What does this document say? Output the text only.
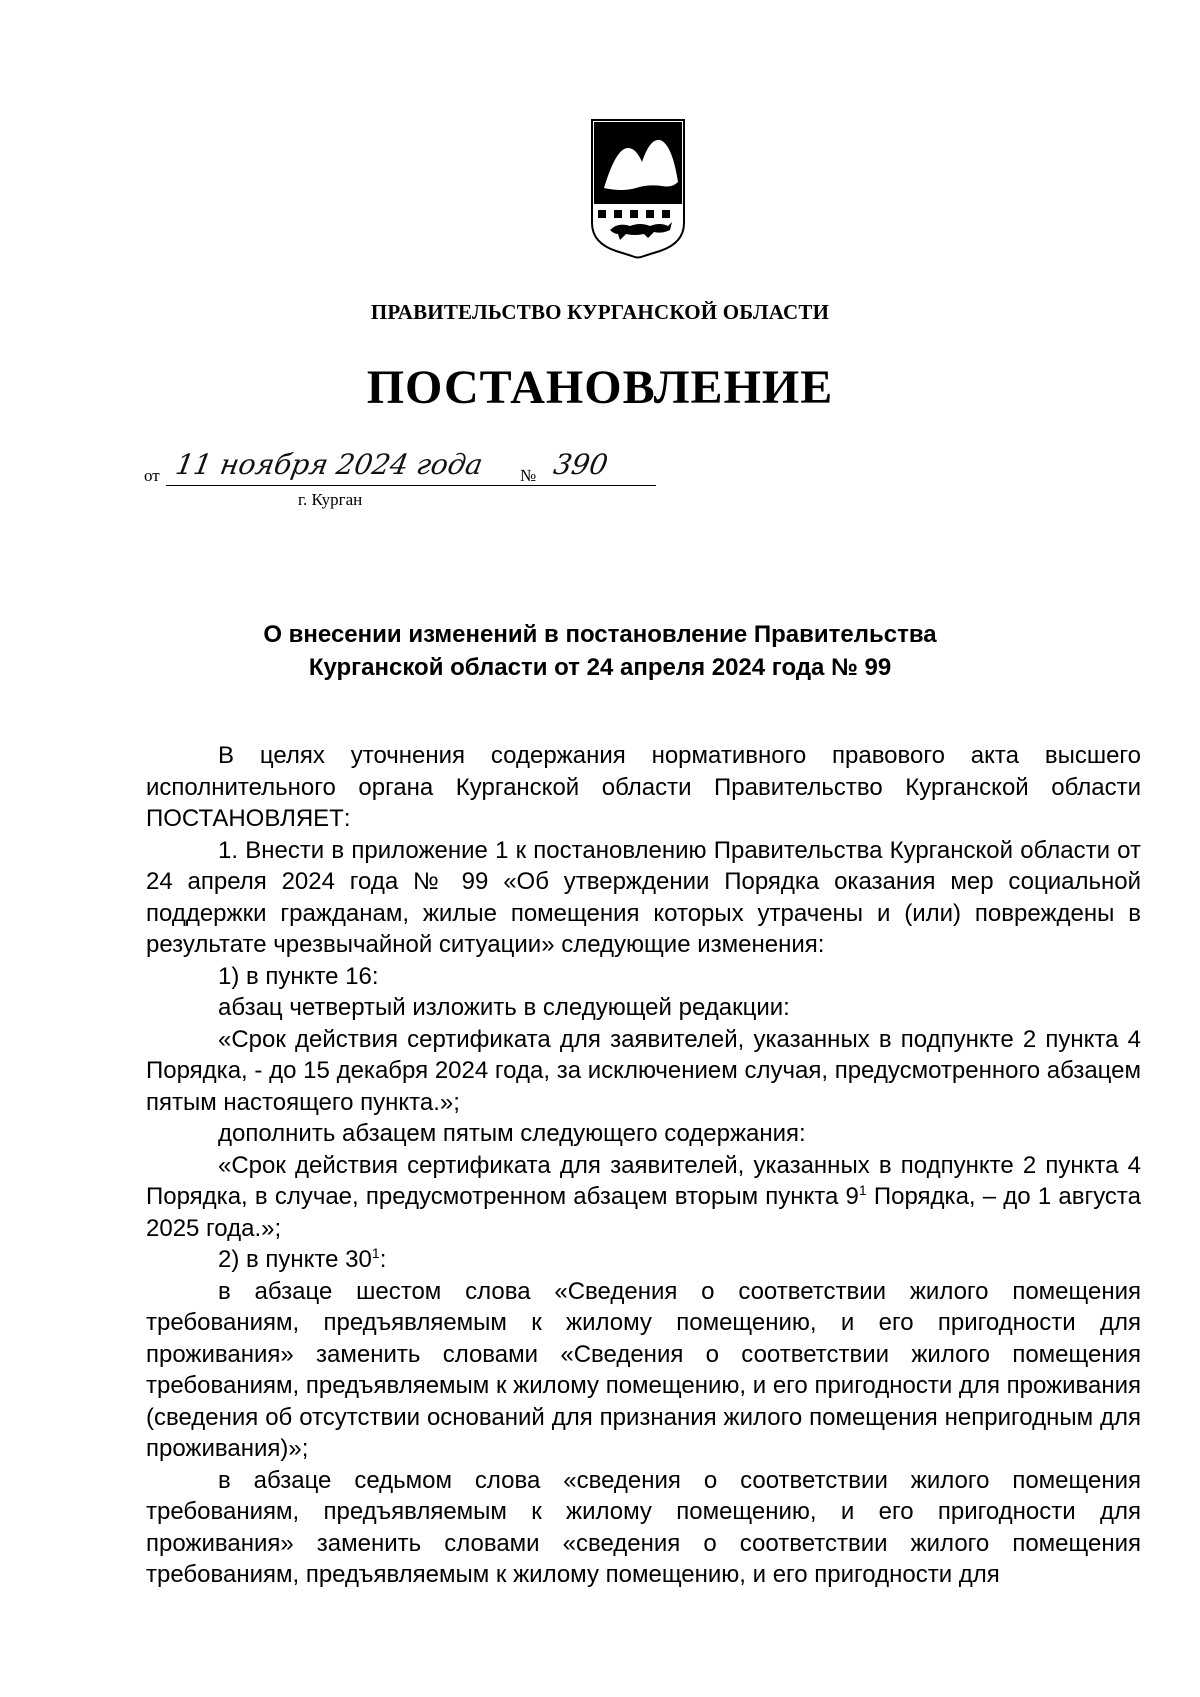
ПРАВИТЕЛЬСТВО КУРГАНСКОЙ ОБЛАСТИ
ПОСТАНОВЛЕНИЕ
от 11 ноября 2024 года № 390
г. Курган
О внесении изменений в постановление Правительства
Курганской области от 24 апреля 2024 года № 99

В целях уточнения содержания нормативного правового акта высшего исполнительного органа Курганской области Правительство Курганской области ПОСТАНОВЛЯЕТ:

1. Внести в приложение 1 к постановлению Правительства Курганской области от 24 апреля 2024 года № 99 «Об утверждении Порядка оказания мер социальной поддержки гражданам, жилые помещения которых утрачены и (или) повреждены в результате чрезвычайной ситуации» следующие изменения:

1) в пункте 16:

абзац четвертый изложить в следующей редакции:

«Срок действия сертификата для заявителей, указанных в подпункте 2 пункта 4 Порядка, - до 15 декабря 2024 года, за исключением случая, предусмотренного абзацем пятым настоящего пункта.»;

дополнить абзацем пятым следующего содержания:

«Срок действия сертификата для заявителей, указанных в подпункте 2 пункта 4 Порядка, в случае, предусмотренном абзацем вторым пункта $9^1$ Порядка, – до 1 августа 2025 года.»;

2) в пункте $30^1$:

в абзаце шестом слова «Сведения о соответствии жилого помещения требованиям, предъявляемым к жилому помещению, и его пригодности для проживания» заменить словами «Сведения о соответствии жилого помещения требованиям, предъявляемым к жилому помещению, и его пригодности для проживания (сведения об отсутствии оснований для признания жилого помещения непригодным для проживания)»;

в абзаце седьмом слова «сведения о соответствии жилого помещения требованиям, предъявляемым к жилому помещению, и его пригодности для проживания» заменить словами «сведения о соответствии жилого помещения требованиям, предъявляемым к жилому помещению, и его пригодности для
